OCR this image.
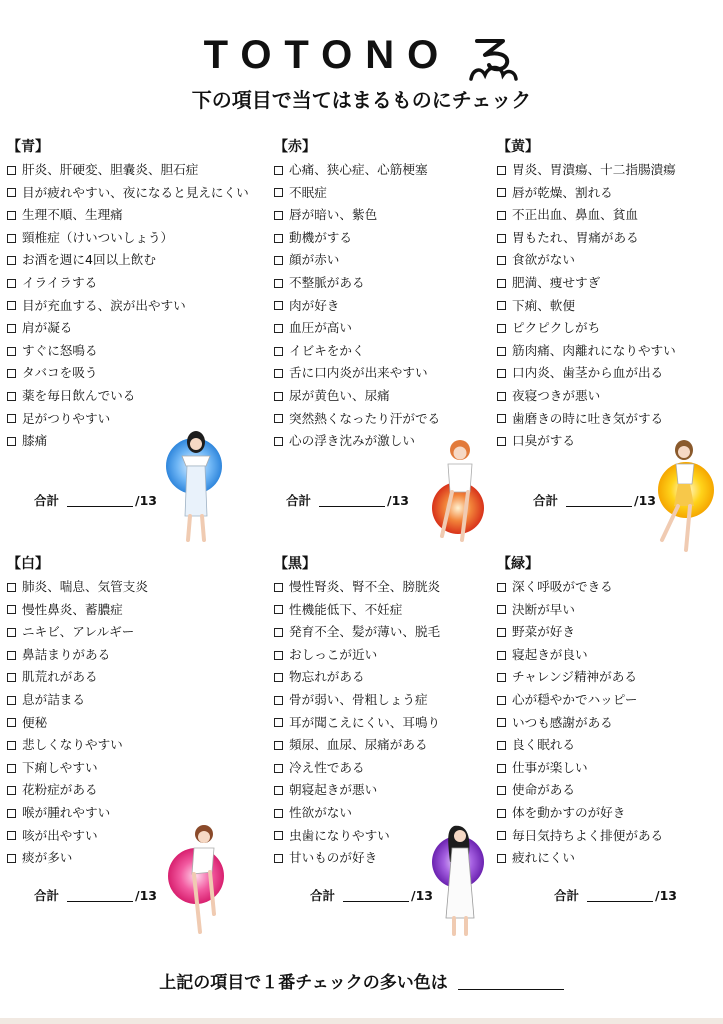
TOTONO
下の項目で当てはまるものにチェック
【青】
肝炎、肝硬変、胆嚢炎、胆石症
目が疲れやすい、夜になると見えにくい
生理不順、生理痛
頸椎症（けいついしょう）
お酒を週に4回以上飲む
イライラする
目が充血する、涙が出やすい
肩が凝る
すぐに怒鳴る
タバコを吸う
薬を毎日飲んでいる
足がつりやすい
膝痛
合計	/13
【赤】
心痛、狭心症、心筋梗塞
不眠症
唇が暗い、紫色
動機がする
顔が赤い
不整脈がある
肉が好き
血圧が高い
イビキをかく
舌に口内炎が出来やすい
尿が黄色い、尿痛
突然熱くなったり汗がでる
心の浮き沈みが激しい
合計	/13
【黄】
胃炎、胃潰瘍、十二指腸潰瘍
唇が乾燥、割れる
不正出血、鼻血、貧血
胃もたれ、胃痛がある
食欲がない
肥満、痩せすぎ
下痢、軟便
ピクピクしがち
筋肉痛、肉離れになりやすい
口内炎、歯茎から血が出る
夜寝つきが悪い
歯磨きの時に吐き気がする
口臭がする
合計	/13
【白】
肺炎、喘息、気管支炎
慢性鼻炎、蓄膿症
ニキビ、アレルギー
鼻詰まりがある
肌荒れがある
息が詰まる
便秘
悲しくなりやすい
下痢しやすい
花粉症がある
喉が腫れやすい
咳が出やすい
痰が多い
合計	/13
【黒】
慢性腎炎、腎不全、膀胱炎
性機能低下、不妊症
発育不全、髪が薄い、脱毛
おしっこが近い
物忘れがある
骨が弱い、骨粗しょう症
耳が聞こえにくい、耳鳴り
頻尿、血尿、尿痛がある
冷え性である
朝寝起きが悪い
性欲がない
虫歯になりやすい
甘いものが好き
合計	/13
【緑】
深く呼吸ができる
決断が早い
野菜が好き
寝起きが良い
チャレンジ精神がある
心が穏やかでハッピー
いつも感謝がある
良く眠れる
仕事が楽しい
使命がある
体を動かすのが好き
毎日気持ちよく排便がある
疲れにくい
合計	/13
上記の項目で１番チェックの多い色は
